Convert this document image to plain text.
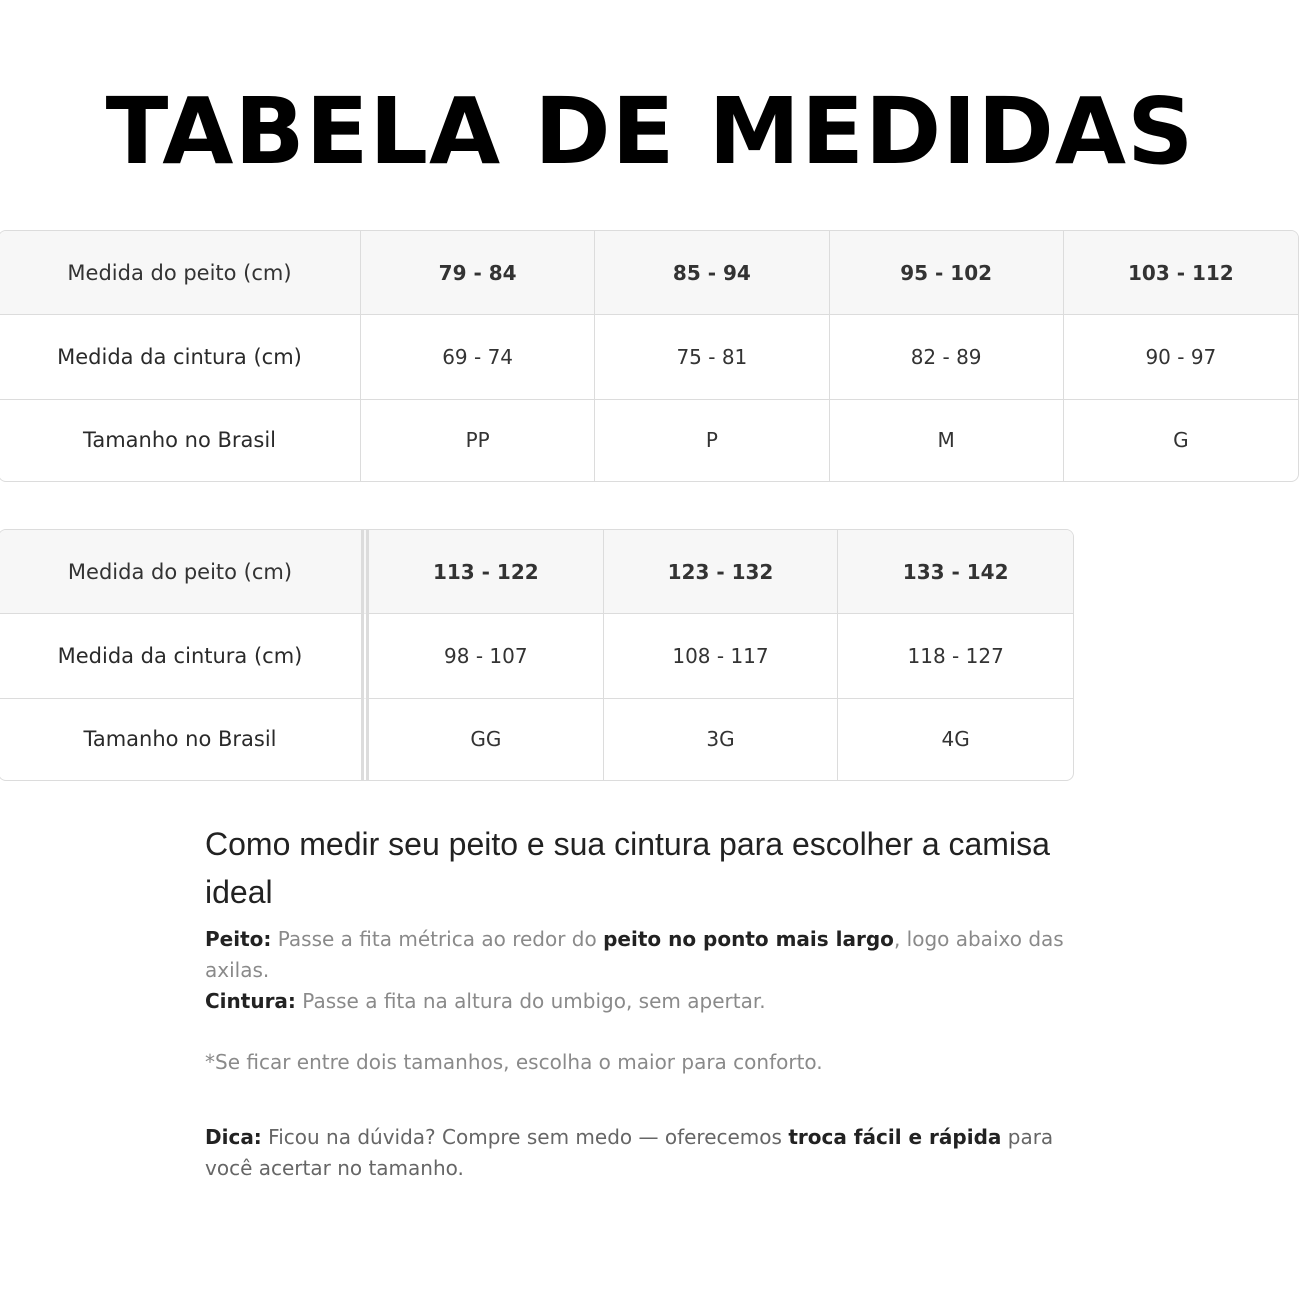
TABELA DE MEDIDAS
Medida do peito (cm)	79 - 84	85 - 94	95 - 102	103 - 112
Medida da cintura (cm)	69 - 74	75 - 81	82 - 89	90 - 97
Tamanho no Brasil	PP	P	M	G
Medida do peito (cm)	113 - 122	123 - 132	133 - 142
Medida da cintura (cm)	98 - 107	108 - 117	118 - 127
Tamanho no Brasil	GG	3G	4G
Como medir seu peito e sua cintura para escolher a camisa ideal

Peito: Passe a fita métrica ao redor do peito no ponto mais largo, logo abaixo das axilas.
Cintura: Passe a fita na altura do umbigo, sem apertar.

*Se ficar entre dois tamanhos, escolha o maior para conforto.

Dica: Ficou na dúvida? Compre sem medo — oferecemos troca fácil e rápida para você acertar no tamanho.
